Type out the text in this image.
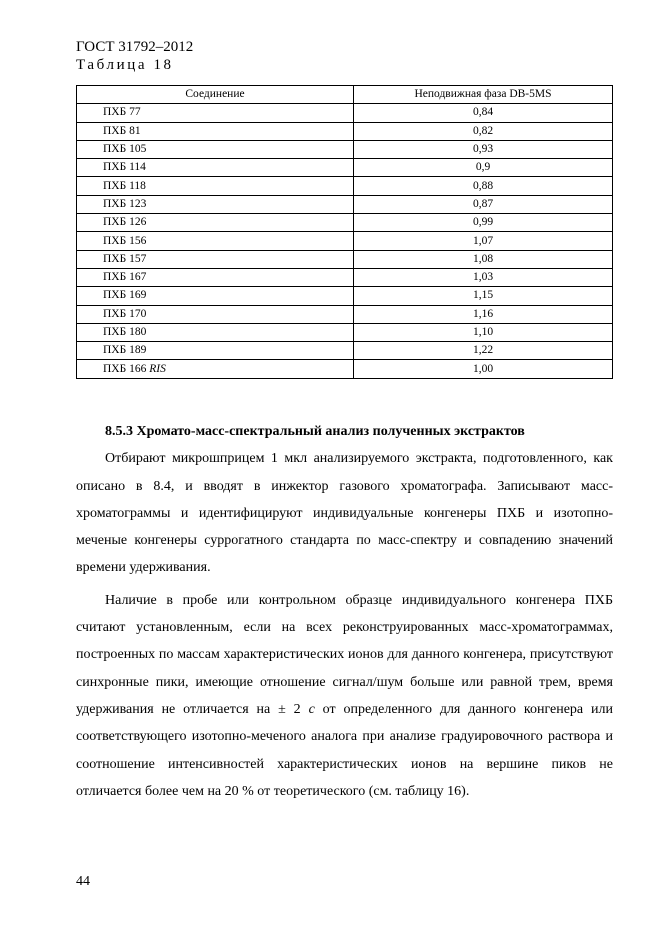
ГОСТ 31792–2012
Таблица 18
Соединение	Неподвижная фаза DB-5MS
ПХБ 77	0,84
ПХБ 81	0,82
ПХБ 105	0,93
ПХБ 114	0,9
ПХБ 118	0,88
ПХБ 123	0,87
ПХБ 126	0,99
ПХБ 156	1,07
ПХБ 157	1,08
ПХБ 167	1,03
ПХБ 169	1,15
ПХБ 170	1,16
ПХБ 180	1,10
ПХБ 189	1,22
ПХБ 166 RIS	1,00
8.5.3 Хромато-масс-спектральный анализ полученных экстрактов

Отбирают микрошприцем 1 мкл анализируемого экстракта, подготовленного, как описано в 8.4, и вводят в инжектор газового хроматографа. Записывают масс-хроматограммы и идентифицируют индивидуальные конгенеры ПХБ и изотопно-меченые конгенеры суррогатного стандарта по масс-спектру и совпадению значений времени удерживания.

Наличие в пробе или контрольном образце индивидуального конгенера ПХБ считают установленным, если на всех реконструированных масс-хроматограммах, построенных по массам характеристических ионов для данного конгенера, присутствуют синхронные пики, имеющие отношение сигнал/шум больше или равной трем, время удерживания не отличается на ± 2 с от определенного для данного конгенера или соответствующего изотопно-меченого аналога при анализе градуировочного раствора и соотношение интенсивностей характеристических ионов на вершине пиков не отличается более чем на 20 % от теоретического (см. таблицу 16).

44
